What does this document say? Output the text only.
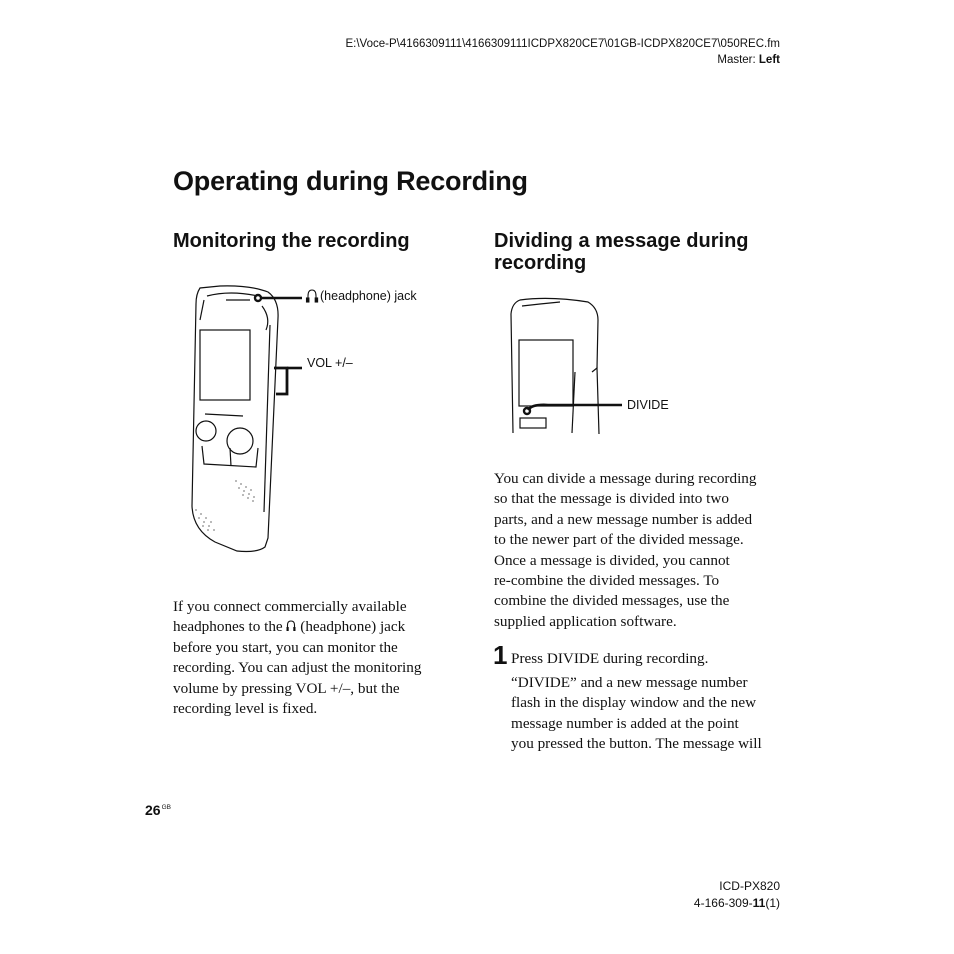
E:\Voce-P\4166309111\4166309111ICDPX820CE7\01GB-ICDPX820CE7\050REC.fm
Master: Left
Operating during Recording
Monitoring the recording	Dividing a message during
recording
(headphone) jack
VOL +/–
DIVIDE
If you connect commercially available
headphones to the (headphone) jack
before you start, you can monitor the
recording. You can adjust the monitoring
volume by pressing VOL +/–, but the
recording level is fixed.
You can divide a message during recording
so that the message is divided into two
parts, and a new message number is added
to the newer part of the divided message.
Once a message is divided, you cannot
re-combine the divided messages. To
combine the divided messages, use the
supplied application software.
1 Press DIVIDE during recording.
“DIVIDE” and a new message number
flash in the display window and the new
message number is added at the point
you pressed the button. The message will
$26^{GB}$
ICD-PX820
4-166-309-11(1)
